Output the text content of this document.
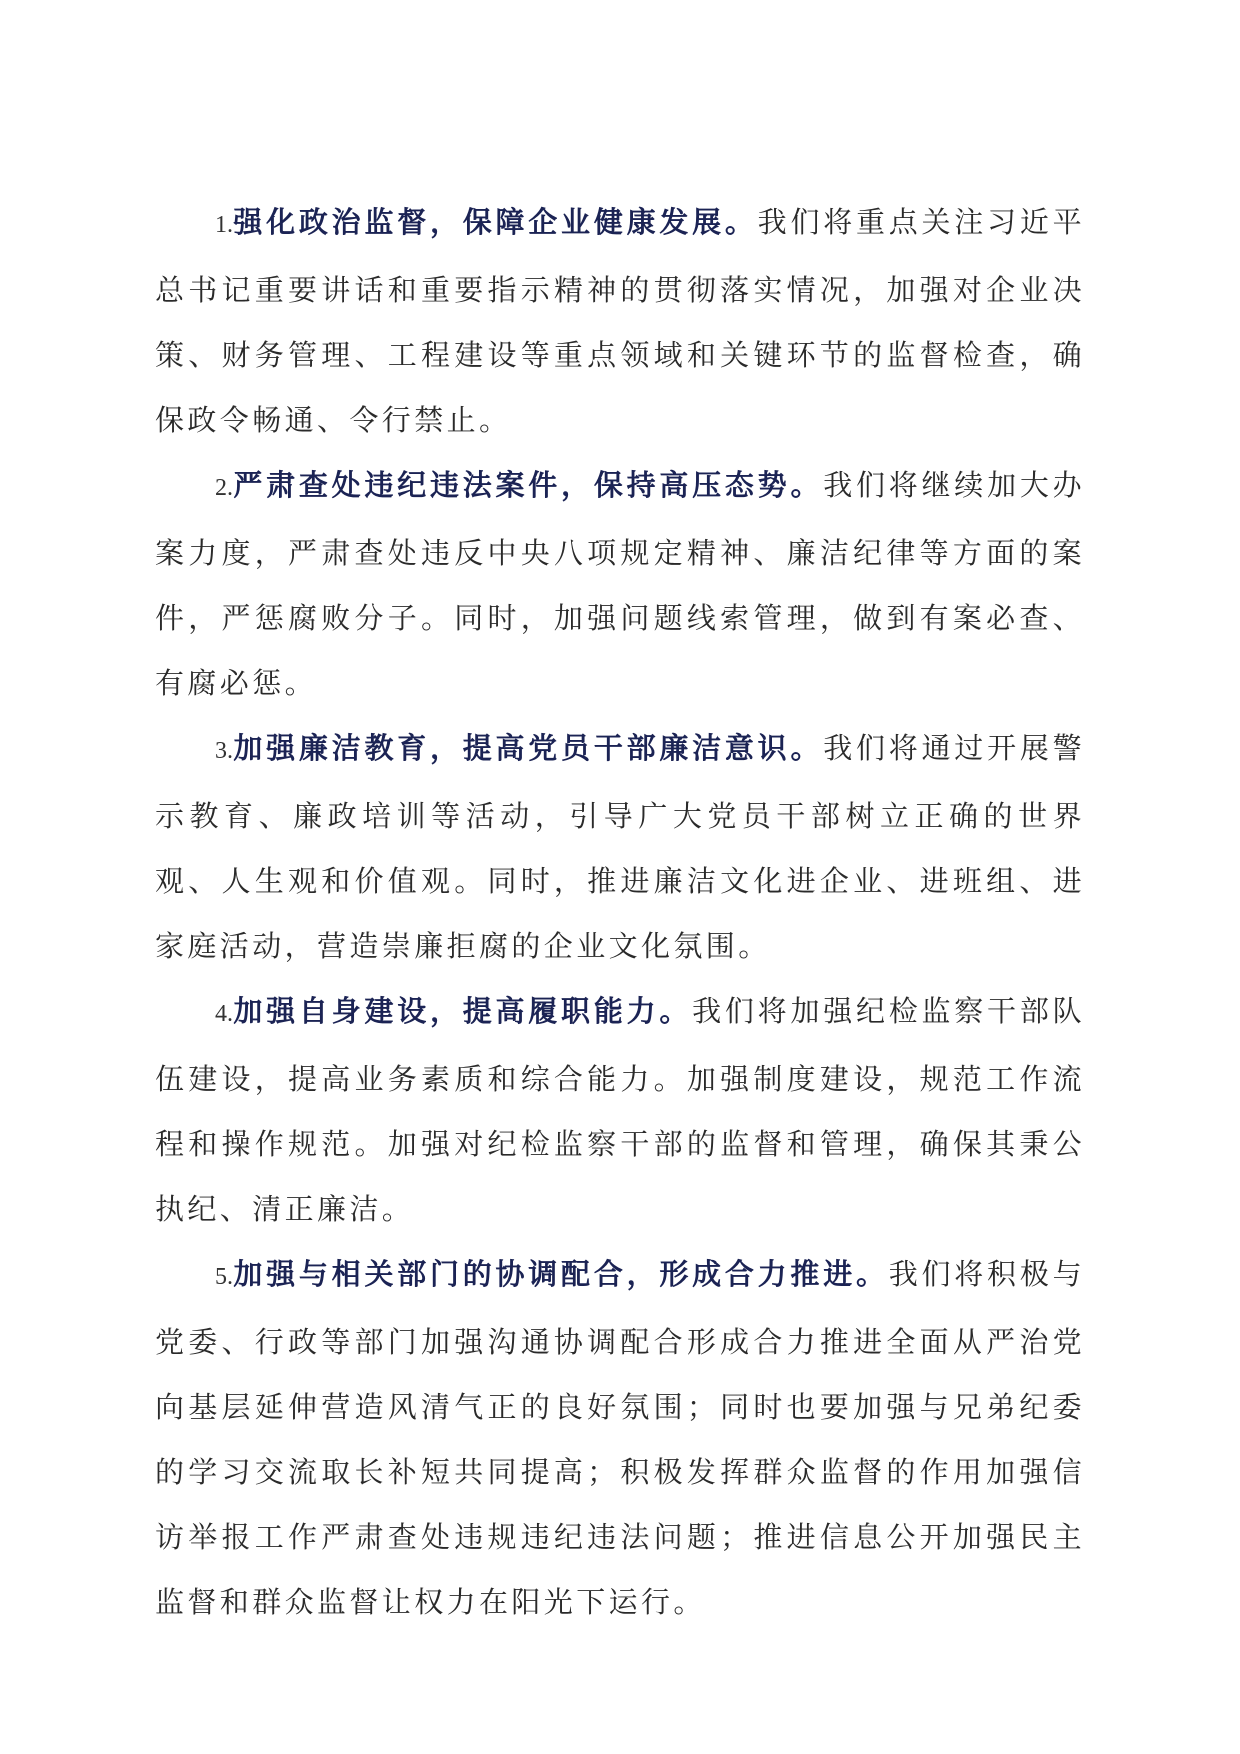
1.强化政治监督，保障企业健康发展。我们将重点关注习近平总书记重要讲话和重要指示精神的贯彻落实情况，加强对企业决策、财务管理、工程建设等重点领域和关键环节的监督检查，确保政令畅通、令行禁止。

2.严肃查处违纪违法案件，保持高压态势。我们将继续加大办案力度，严肃查处违反中央八项规定精神、廉洁纪律等方面的案件，严惩腐败分子。同时，加强问题线索管理，做到有案必查、有腐必惩。

3.加强廉洁教育，提高党员干部廉洁意识。我们将通过开展警示教育、廉政培训等活动，引导广大党员干部树立正确的世界观、人生观和价值观。同时，推进廉洁文化进企业、进班组、进家庭活动，营造崇廉拒腐的企业文化氛围。

4.加强自身建设，提高履职能力。我们将加强纪检监察干部队伍建设，提高业务素质和综合能力。加强制度建设，规范工作流程和操作规范。加强对纪检监察干部的监督和管理，确保其秉公执纪、清正廉洁。

5.加强与相关部门的协调配合，形成合力推进。我们将积极与党委、行政等部门加强沟通协调配合形成合力推进全面从严治党向基层延伸营造风清气正的良好氛围；同时也要加强与兄弟纪委的学习交流取长补短共同提高；积极发挥群众监督的作用加强信访举报工作严肃查处违规违纪违法问题；推进信息公开加强民主监督和群众监督让权力在阳光下运行。
